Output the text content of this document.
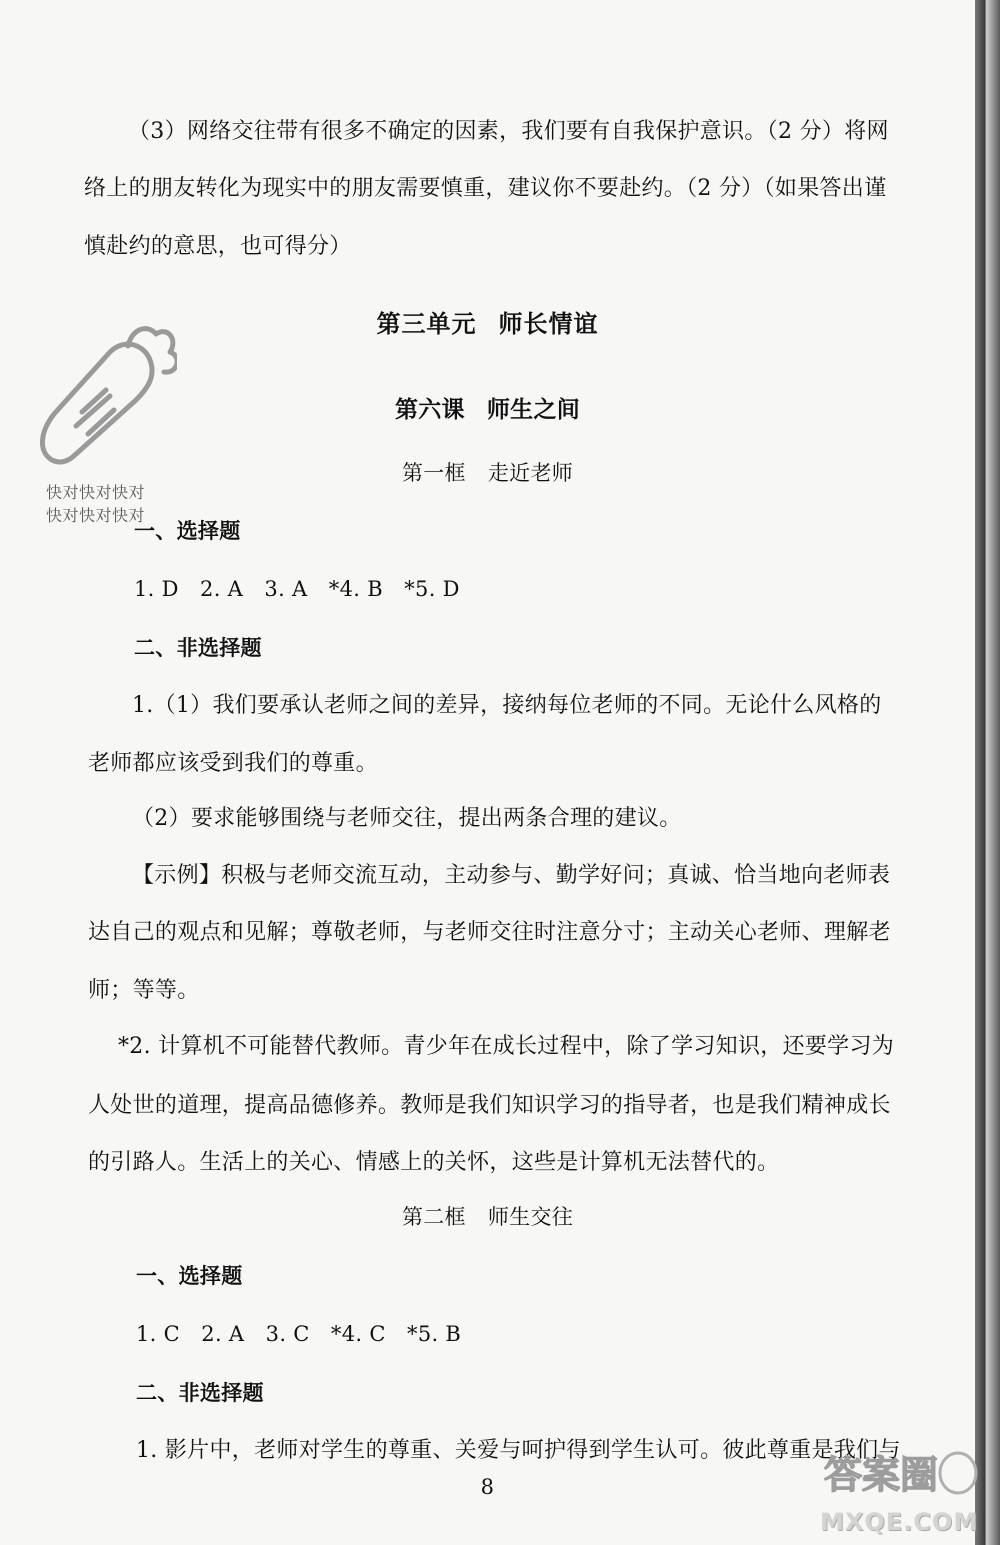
（3）网络交往带有很多不确定的因素，我们要有自我保护意识。（2 分）将网
络上的朋友转化为现实中的朋友需要慎重，建议你不要赴约。（2 分）（如果答出谨
慎赴约的意思，也可得分）
第三单元 师长情谊
第六课 师生之间
第一框 走近老师
一、选择题
1. D　2. A　3. A　*4. B　*5. D
二、非选择题
1.（1）我们要承认老师之间的差异，接纳每位老师的不同。无论什么风格的
老师都应该受到我们的尊重。
（2）要求能够围绕与老师交往，提出两条合理的建议。
【示例】积极与老师交流互动，主动参与、勤学好问；真诚、恰当地向老师表
达自己的观点和见解；尊敬老师，与老师交往时注意分寸；主动关心老师、理解老
师；等等。
*2. 计算机不可能替代教师。青少年在成长过程中，除了学习知识，还要学习为
人处世的道理，提高品德修养。教师是我们知识学习的指导者，也是我们精神成长
的引路人。生活上的关心、情感上的关怀，这些是计算机无法替代的。
第二框 师生交往
一、选择题
1. C　2. A　3. C　*4. C　*5. B
二、非选择题
1. 影片中，老师对学生的尊重、关爱与呵护得到学生认可。彼此尊重是我们与
8
快对快对快对
快对快对快对
答案圈
MXQE.COM
